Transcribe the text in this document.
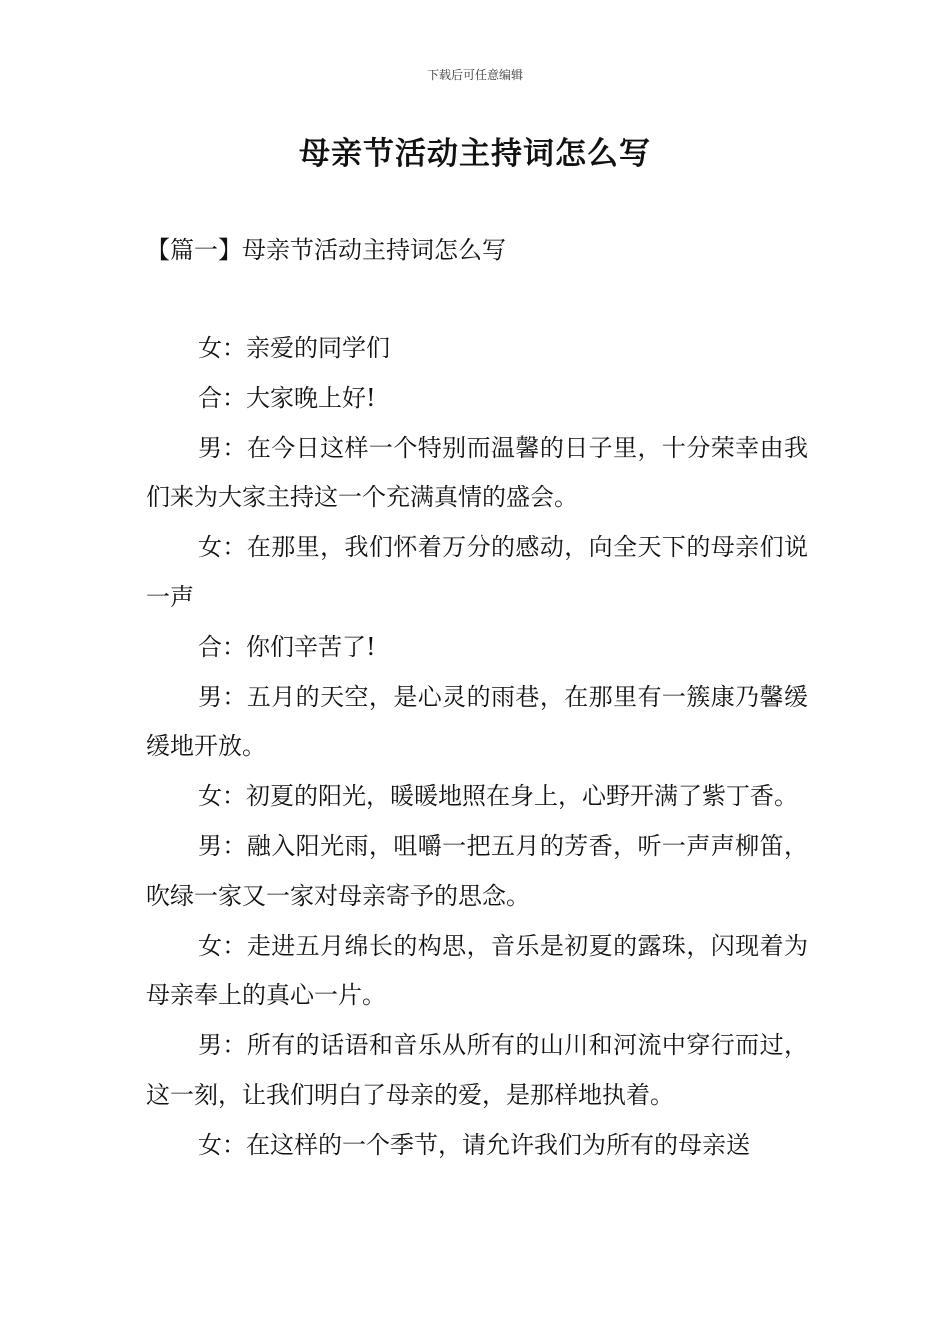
下载后可任意编辑
母亲节活动主持词怎么写
【篇一】母亲节活动主持词怎么写

女：亲爱的同学们

合：大家晚上好!

男：在今日这样一个特别而温馨的日子里，十分荣幸由我们来为大家主持这一个充满真情的盛会。

女：在那里，我们怀着万分的感动，向全天下的母亲们说一声

合：你们辛苦了!

男：五月的天空，是心灵的雨巷，在那里有一簇康乃馨缓缓地开放。

女：初夏的阳光，暖暖地照在身上，心野开满了紫丁香。

男：融入阳光雨，咀嚼一把五月的芳香，听一声声柳笛，吹绿一家又一家对母亲寄予的思念。

女：走进五月绵长的构思，音乐是初夏的露珠，闪现着为母亲奉上的真心一片。

男：所有的话语和音乐从所有的山川和河流中穿行而过，这一刻，让我们明白了母亲的爱，是那样地执着。

女：在这样的一个季节，请允许我们为所有的母亲送
